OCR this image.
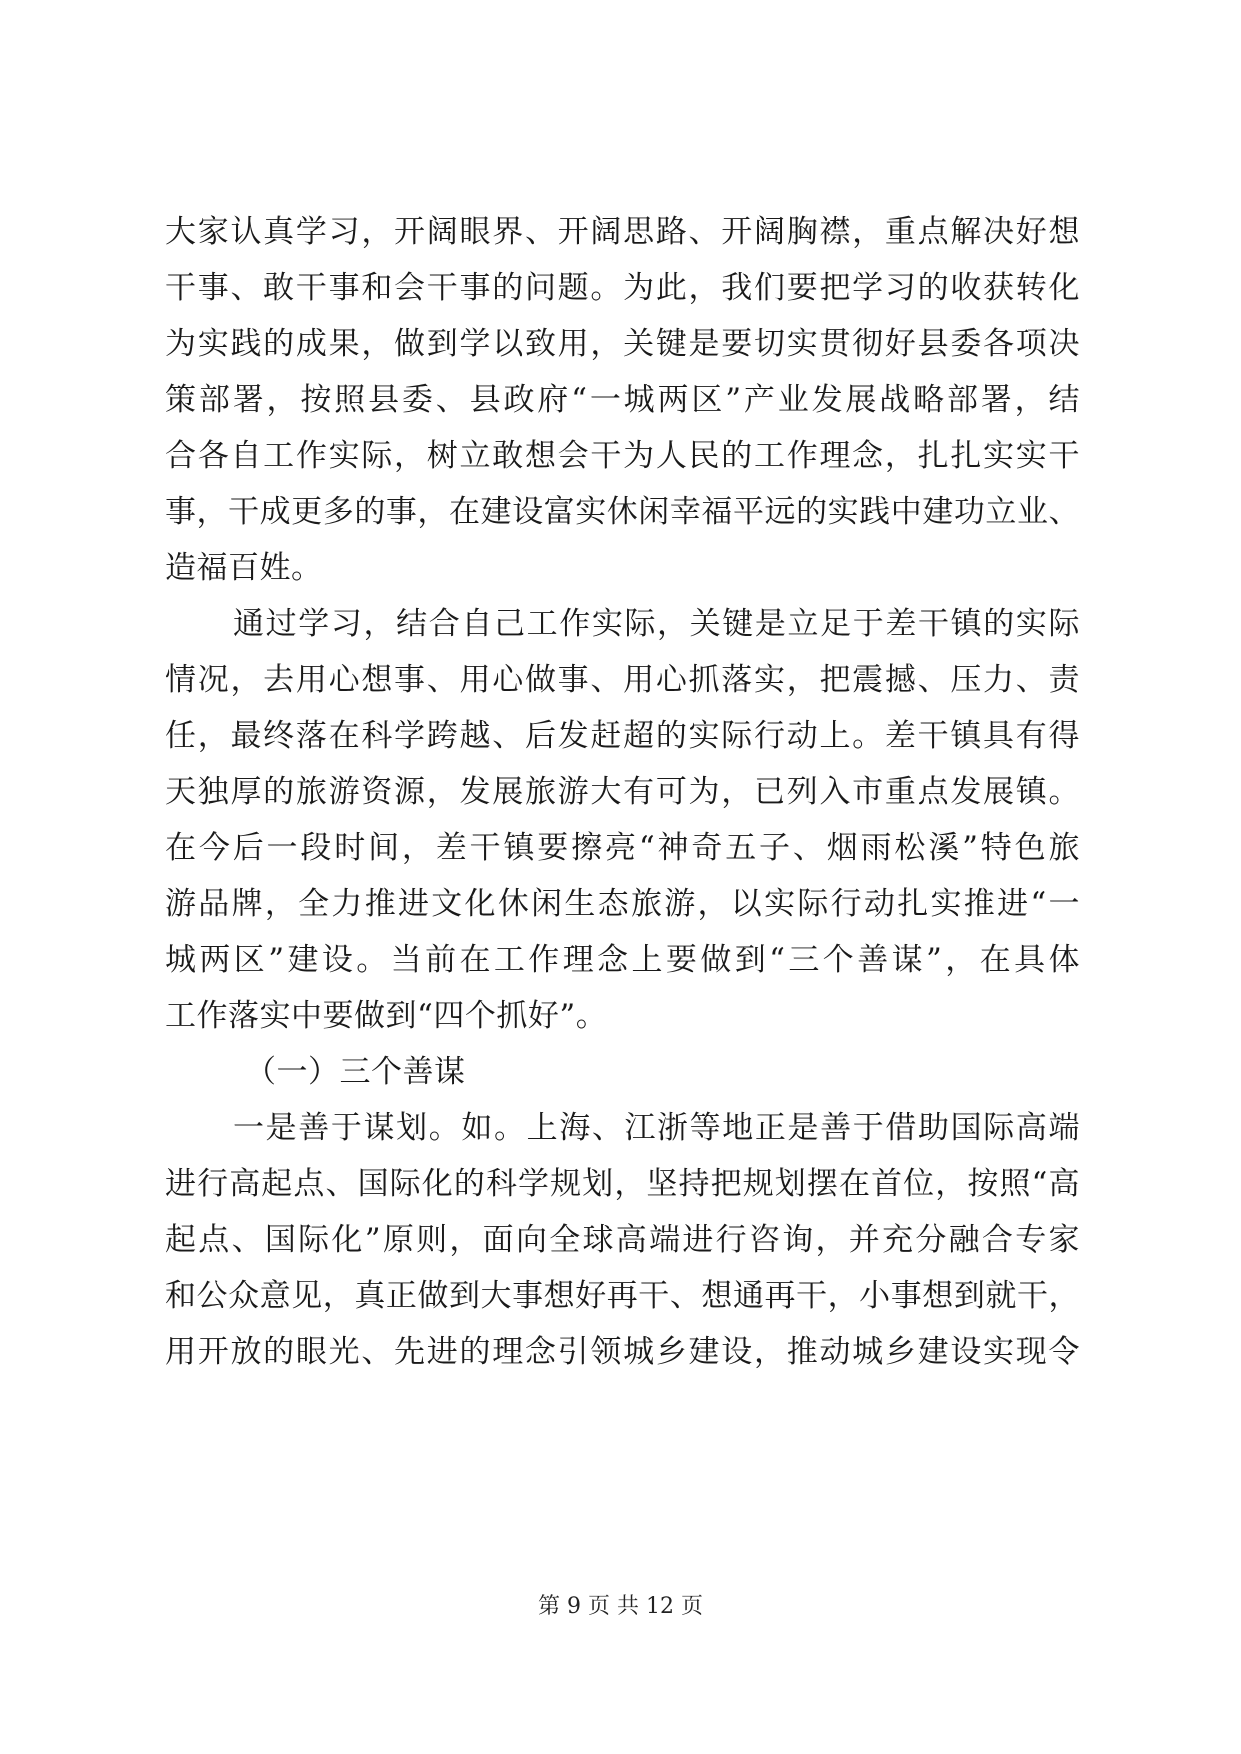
大家认真学习，开阔眼界、开阔思路、开阔胸襟，重点解决好想
干事、敢干事和会干事的问题。为此，我们要把学习的收获转化
为实践的成果，做到学以致用，关键是要切实贯彻好县委各项决
策部署，按照县委、县政府“一城两区”产业发展战略部署，结
合各自工作实际，树立敢想会干为人民的工作理念，扎扎实实干
事，干成更多的事，在建设富实休闲幸福平远的实践中建功立业、
造福百姓。
通过学习，结合自己工作实际，关键是立足于差干镇的实际
情况，去用心想事、用心做事、用心抓落实，把震撼、压力、责
任，最终落在科学跨越、后发赶超的实际行动上。差干镇具有得
天独厚的旅游资源，发展旅游大有可为，已列入市重点发展镇。
在今后一段时间，差干镇要擦亮“神奇五子、烟雨松溪”特色旅
游品牌，全力推进文化休闲生态旅游，以实际行动扎实推进“一
城两区”建设。当前在工作理念上要做到“三个善谋”，在具体
工作落实中要做到“四个抓好”。
（一）三个善谋
一是善于谋划。如。上海、江浙等地正是善于借助国际高端
进行高起点、国际化的科学规划，坚持把规划摆在首位，按照“高
起点、国际化”原则，面向全球高端进行咨询，并充分融合专家
和公众意见，真正做到大事想好再干、想通再干，小事想到就干，
用开放的眼光、先进的理念引领城乡建设，推动城乡建设实现令
第 9 页 共 12 页
